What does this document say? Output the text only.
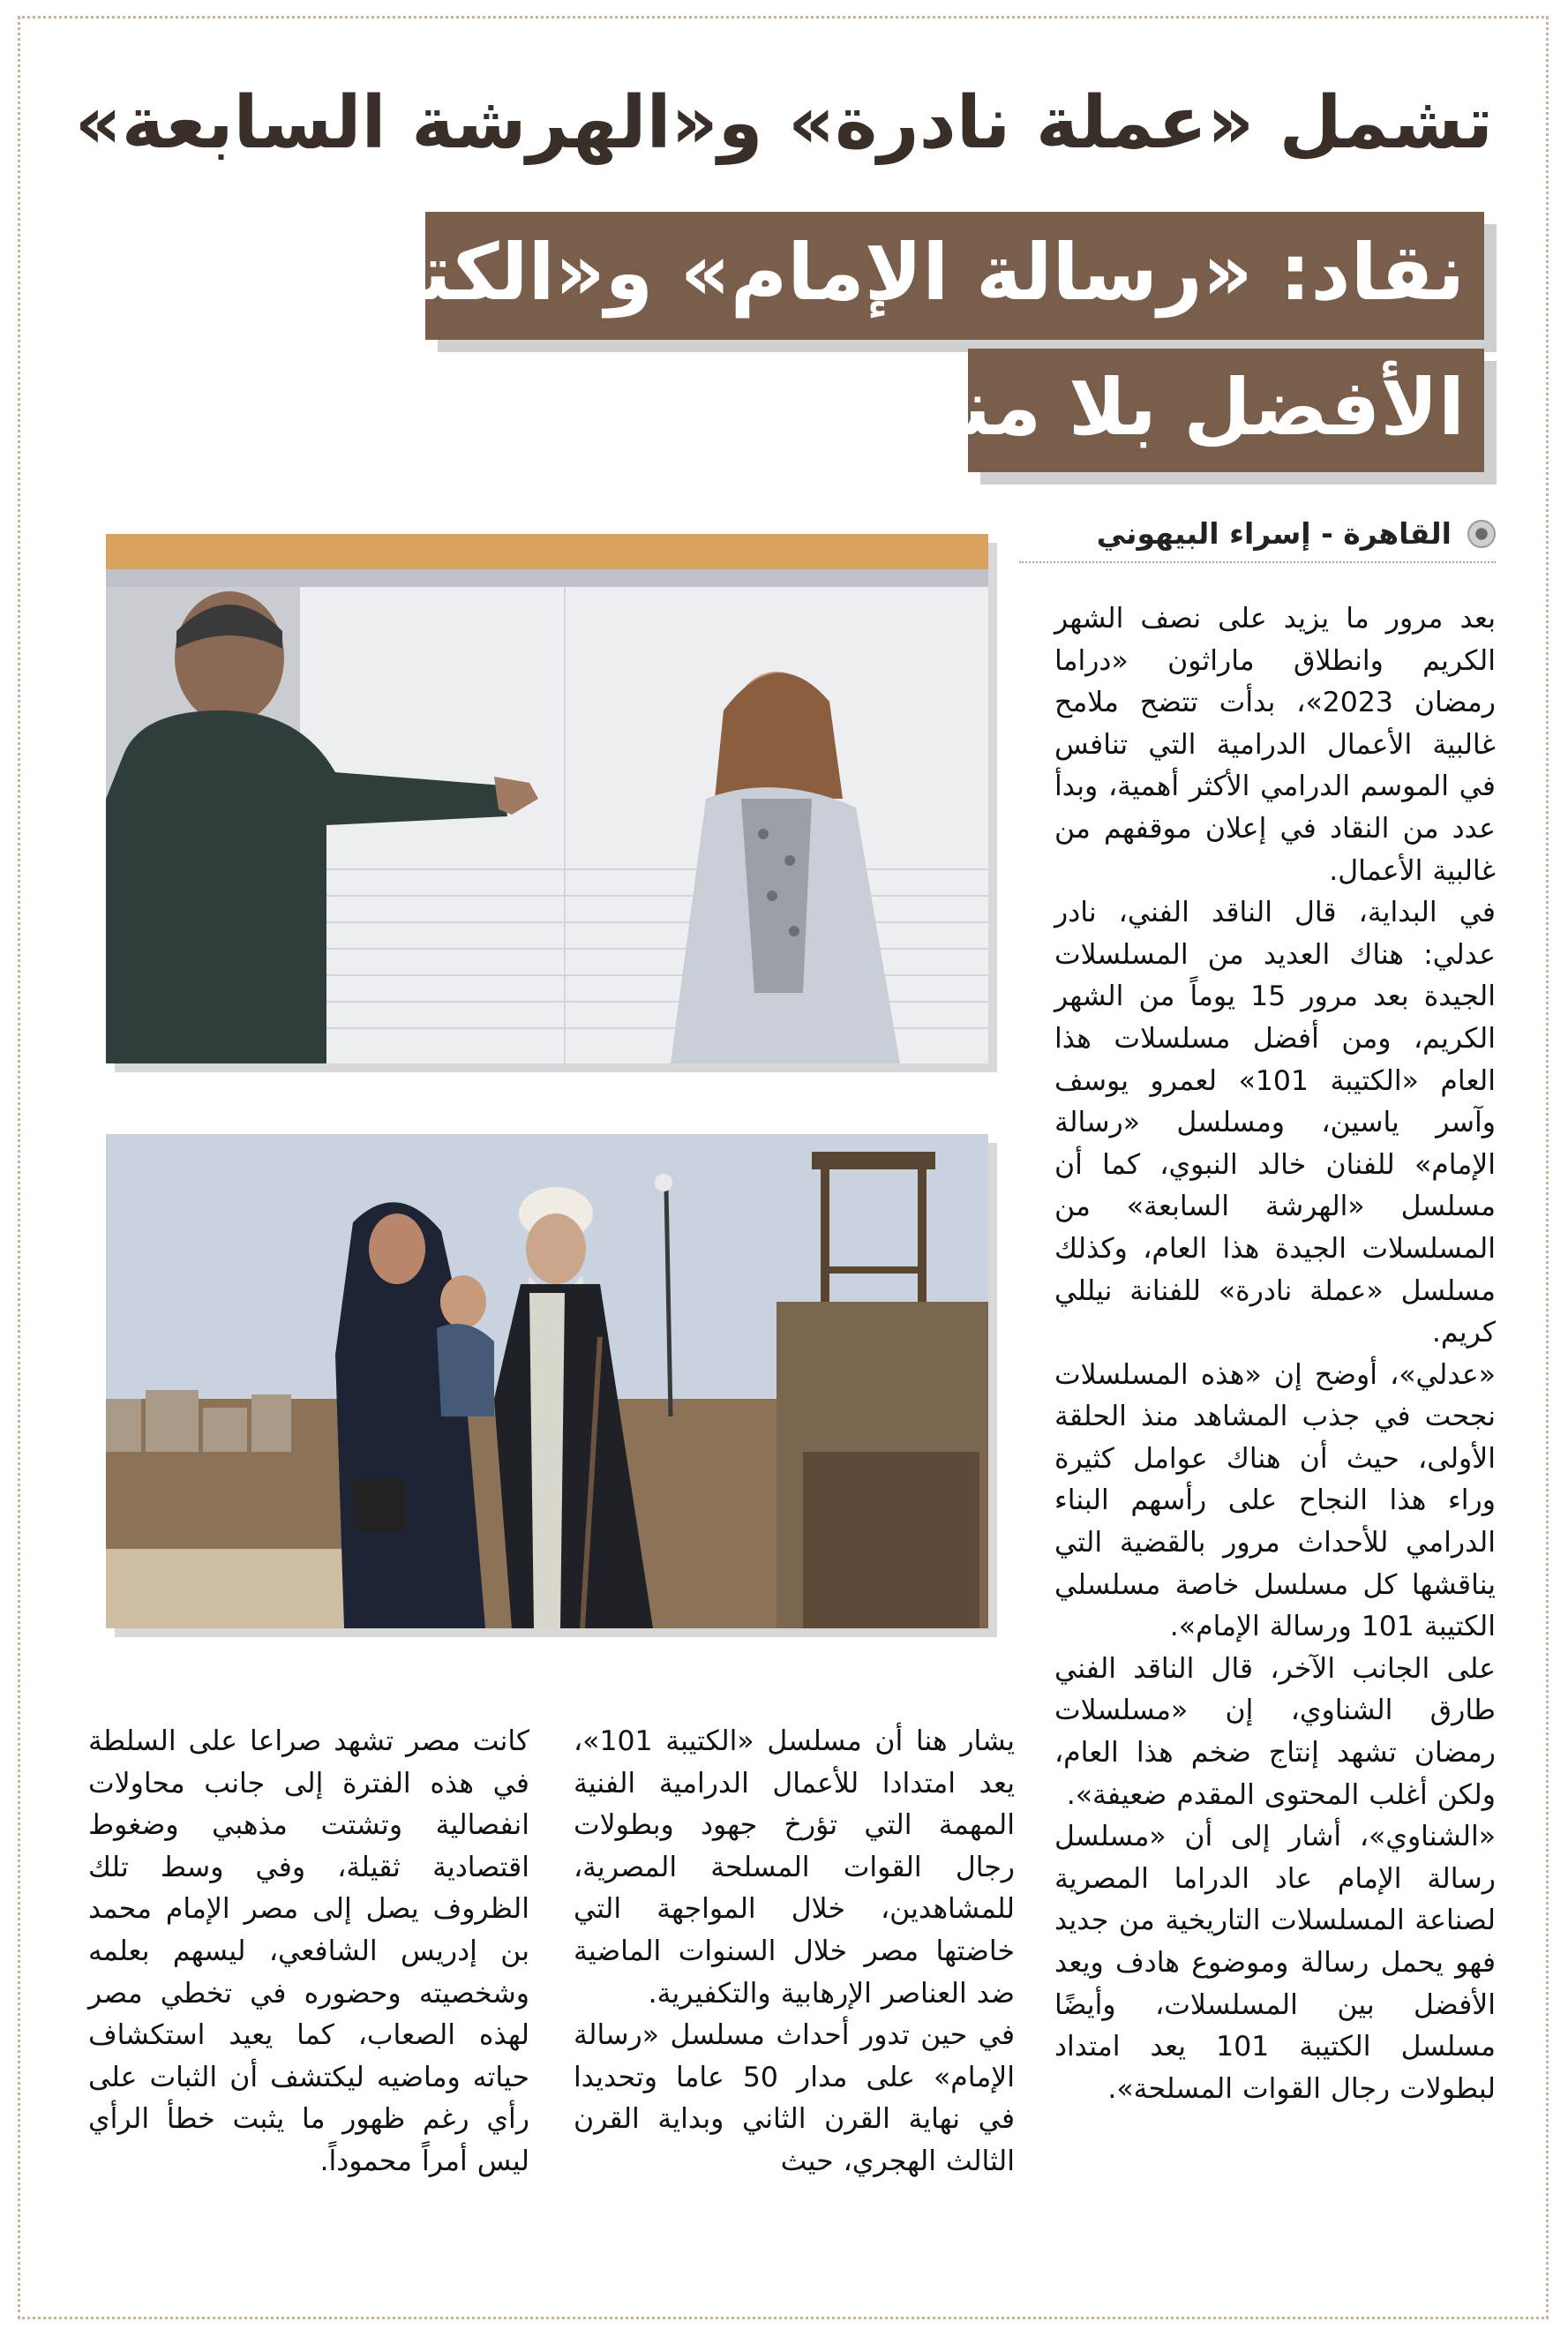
تشمل «عملة نادرة» و«الهرشة السابعة»
نقاد: «رسالة الإمام» و«الكتيبة 101»
الأفضل بلا منافس
القاهرة - إسراء البيهوني
بعد مرور ما يزيد على نصف الشهر الكريم وانطلاق ماراثون «دراما رمضان 2023»، بدأت تتضح ملامح غالبية الأعمال الدرامية التي تنافس في الموسم الدرامي الأكثر أهمية، وبدأ عدد من النقاد في إعلان موقفهم من غالبية الأعمال.
في البداية، قال الناقد الفني، نادر عدلي: هناك العديد من المسلسلات الجيدة بعد مرور 15 يوماً من الشهر الكريم، ومن أفضل مسلسلات هذا العام «الكتيبة 101» لعمرو يوسف وآسر ياسين، ومسلسل «رسالة الإمام» للفنان خالد النبوي، كما أن مسلسل «الهرشة السابعة» من المسلسلات الجيدة هذا العام، وكذلك مسلسل «عملة نادرة» للفنانة نيللي كريم.
«عدلي»، أوضح إن «هذه المسلسلات نجحت في جذب المشاهد منذ الحلقة الأولى، حيث أن هناك عوامل كثيرة وراء هذا النجاح على رأسهم البناء الدرامي للأحداث مرور بالقضية التي يناقشها كل مسلسل خاصة مسلسلي الكتيبة 101 ورسالة الإمام».
على الجانب الآخر، قال الناقد الفني طارق الشناوي، إن «مسلسلات رمضان تشهد إنتاج ضخم هذا العام، ولكن أغلب المحتوى المقدم ضعيفة».
«الشناوي»، أشار إلى أن «مسلسل رسالة الإمام عاد الدراما المصرية لصناعة المسلسلات التاريخية من جديد فهو يحمل رسالة وموضوع هادف ويعد الأفضل بين المسلسلات، وأيضًا مسلسل الكتيبة 101 يعد امتداد لبطولات رجال القوات المسلحة».
يشار هنا أن مسلسل «الكتيبة 101»، يعد امتدادا للأعمال الدرامية الفنية المهمة التي تؤرخ جهود وبطولات رجال القوات المسلحة المصرية، للمشاهدين، خلال المواجهة التي خاضتها مصر خلال السنوات الماضية ضد العناصر الإرهابية والتكفيرية.
في حين تدور أحداث مسلسل «رسالة الإمام» على مدار 50 عاما وتحديدا في نهاية القرن الثاني وبداية القرن الثالث الهجري، حيث
كانت مصر تشهد صراعا على السلطة في هذه الفترة إلى جانب محاولات انفصالية وتشتت مذهبي وضغوط اقتصادية ثقيلة، وفي وسط تلك الظروف يصل إلى مصر الإمام محمد بن إدريس الشافعي، ليسهم بعلمه وشخصيته وحضوره في تخطي مصر لهذه الصعاب، كما يعيد استكشاف حياته وماضيه ليكتشف أن الثبات على رأي رغم ظهور ما يثبت خطأ الرأي ليس أمراً محموداً.
